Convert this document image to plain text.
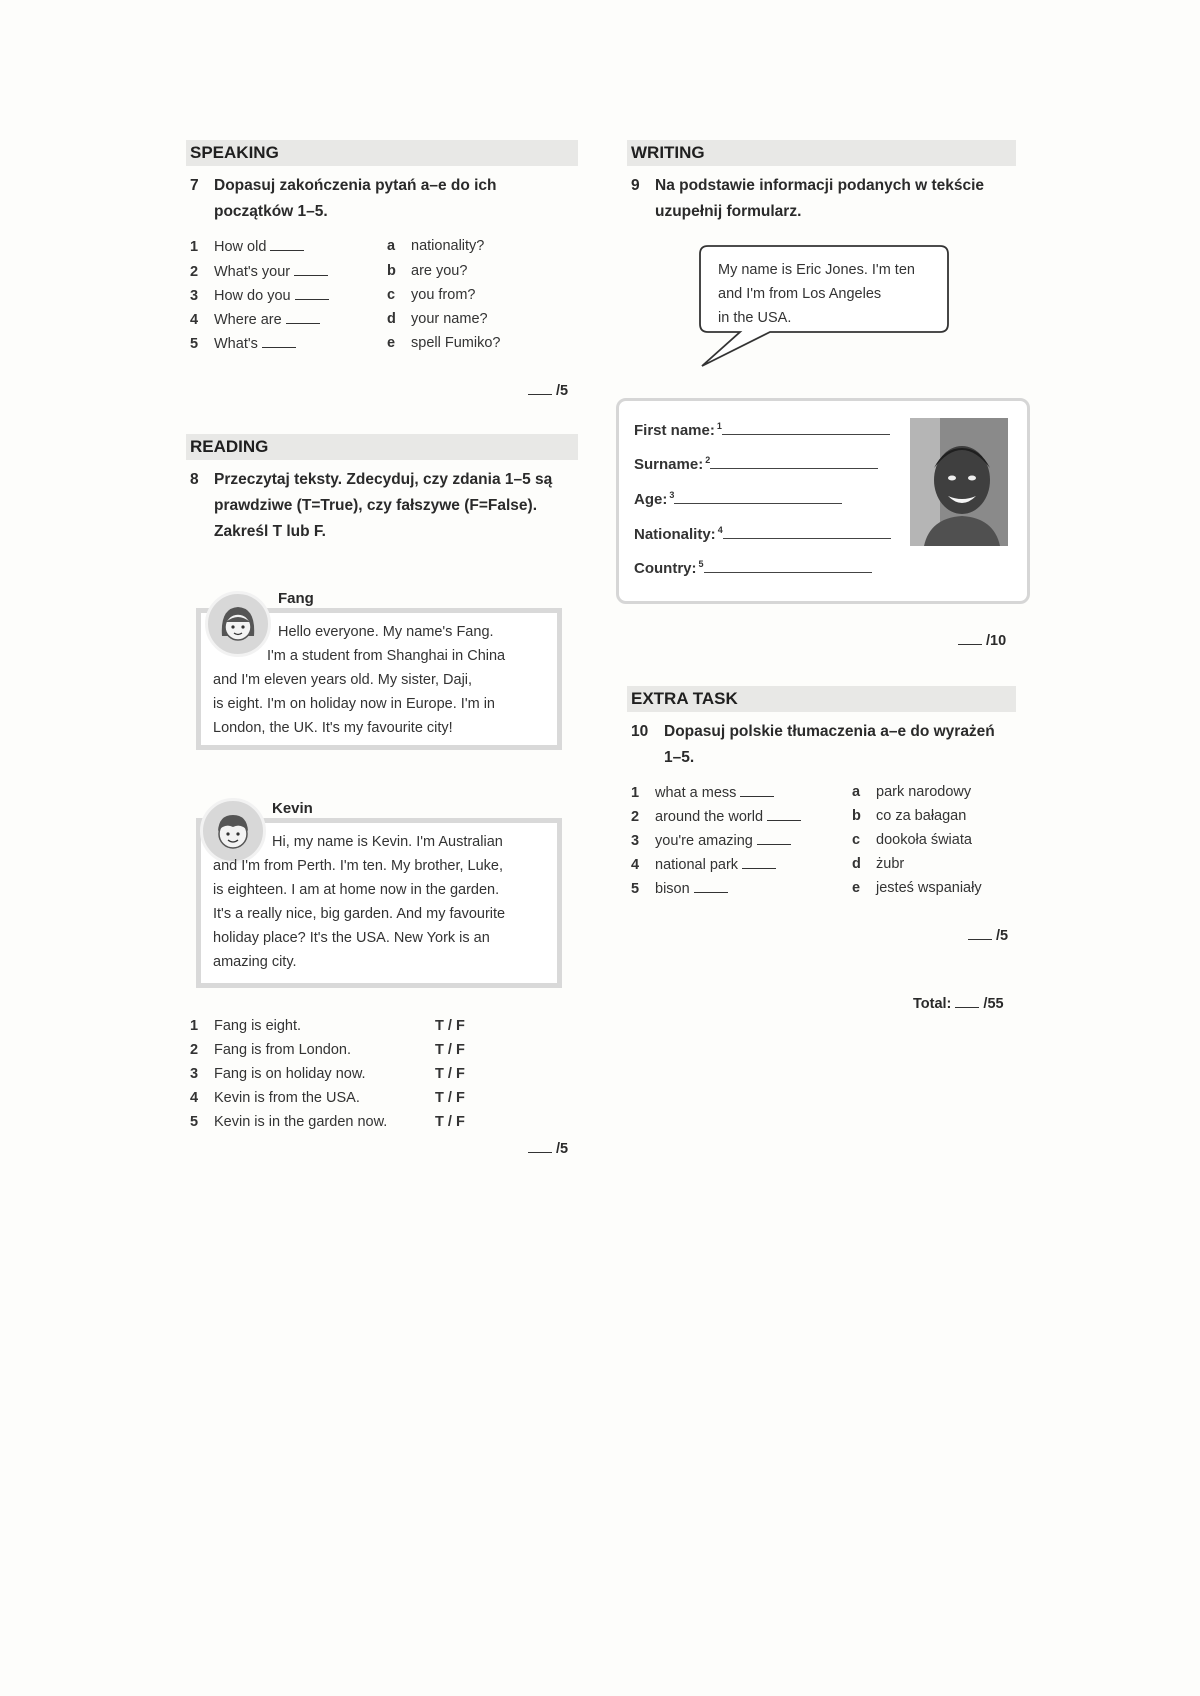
SPEAKING
7 Dopasuj zakończenia pytań a–e do ich początków 1–5.
1 How old
2 What's your
3 How do you
4 Where are
5 What's
a nationality?
b are you?
c you from?
d your name?
e spell Fumiko?
/5
READING
8 Przeczytaj teksty. Zdecyduj, czy zdania 1–5 są prawdziwe (T=True), czy fałszywe (F=False). Zakreśl T lub F.
Fang
Hello everyone. My name's Fang.
I'm a student from Shanghai in China
and I'm eleven years old. My sister, Daji,
is eight. I'm on holiday now in Europe. I'm in
London, the UK. It's my favourite city!
Kevin
Hi, my name is Kevin. I'm Australian
and I'm from Perth. I'm ten. My brother, Luke,
is eighteen. I am at home now in the garden.
It's a really nice, big garden. And my favourite
holiday place? It's the USA. New York is an
amazing city.
1 Fang is eight.
2 Fang is from London.
3 Fang is on holiday now.
4 Kevin is from the USA.
5 Kevin is in the garden now.
T / F
T / F
T / F
T / F
T / F
/5
WRITING
9 Na podstawie informacji podanych w tekście uzupełnij formularz.
My name is Eric Jones. I'm ten
and I'm from Los Angeles
in the USA.
First name: $^1$
Surname: $^2$
Age: $^3$
Nationality: $^4$
Country: $^5$
/10
EXTRA TASK
10 Dopasuj polskie tłumaczenia a–e do wyrażeń 1–5.
1 what a mess
2 around the world
3 you're amazing
4 national park
5 bison
a park narodowy
b co za bałagan
c dookoła świata
d żubr
e jesteś wspaniały
/5
Total: /55
